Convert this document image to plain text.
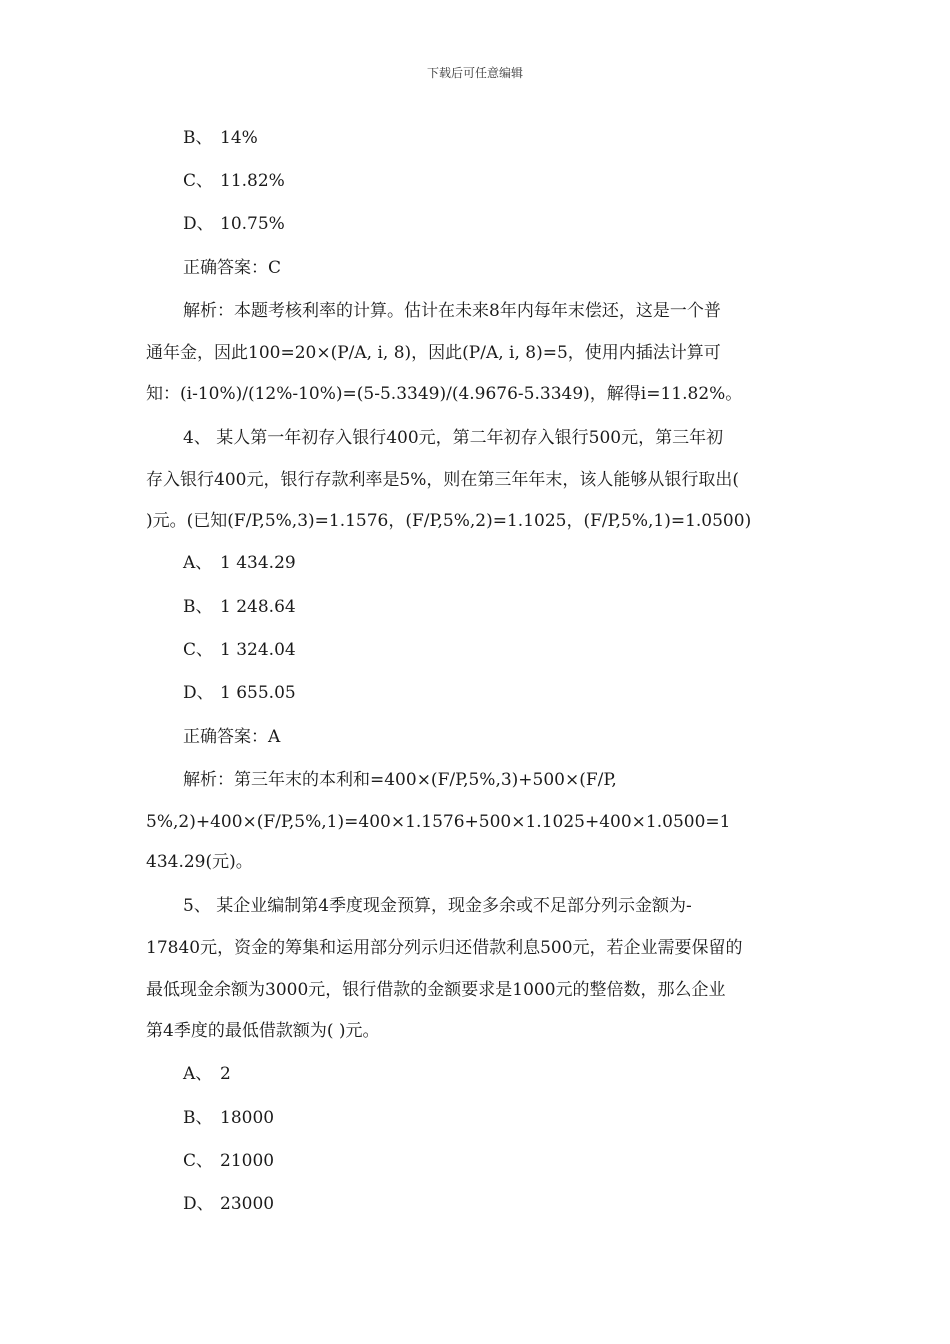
下载后可任意编辑
B、 14%
C、 11.82%
D、 10.75%
正确答案：C
解析：本题考核利率的计算。估计在未来8年内每年末偿还，这是一个普
通年金，因此100=20×(P/A, i, 8)，因此(P/A, i, 8)=5，使用内插法计算可
知：(i-10%)/(12%-10%)=(5-5.3349)/(4.9676-5.3349)，解得i=11.82%。
4、 某人第一年初存入银行400元，第二年初存入银行500元，第三年初
存入银行400元，银行存款利率是5%，则在第三年年末，该人能够从银行取出(
)元。(已知(F/P,5%,3)=1.1576，(F/P,5%,2)=1.1025，(F/P,5%,1)=1.0500)
A、 1 434.29
B、 1 248.64
C、 1 324.04
D、 1 655.05
正确答案：A
解析：第三年末的本利和=400×(F/P,5%,3)+500×(F/P,
5%,2)+400×(F/P,5%,1)=400×1.1576+500×1.1025+400×1.0500=1
434.29(元)。
5、 某企业编制第4季度现金预算，现金多余或不足部分列示金额为-
17840元，资金的筹集和运用部分列示归还借款利息500元，若企业需要保留的
最低现金余额为3000元，银行借款的金额要求是1000元的整倍数，那么企业
第4季度的最低借款额为( )元。
A、 2
B、 18000
C、 21000
D、 23000
